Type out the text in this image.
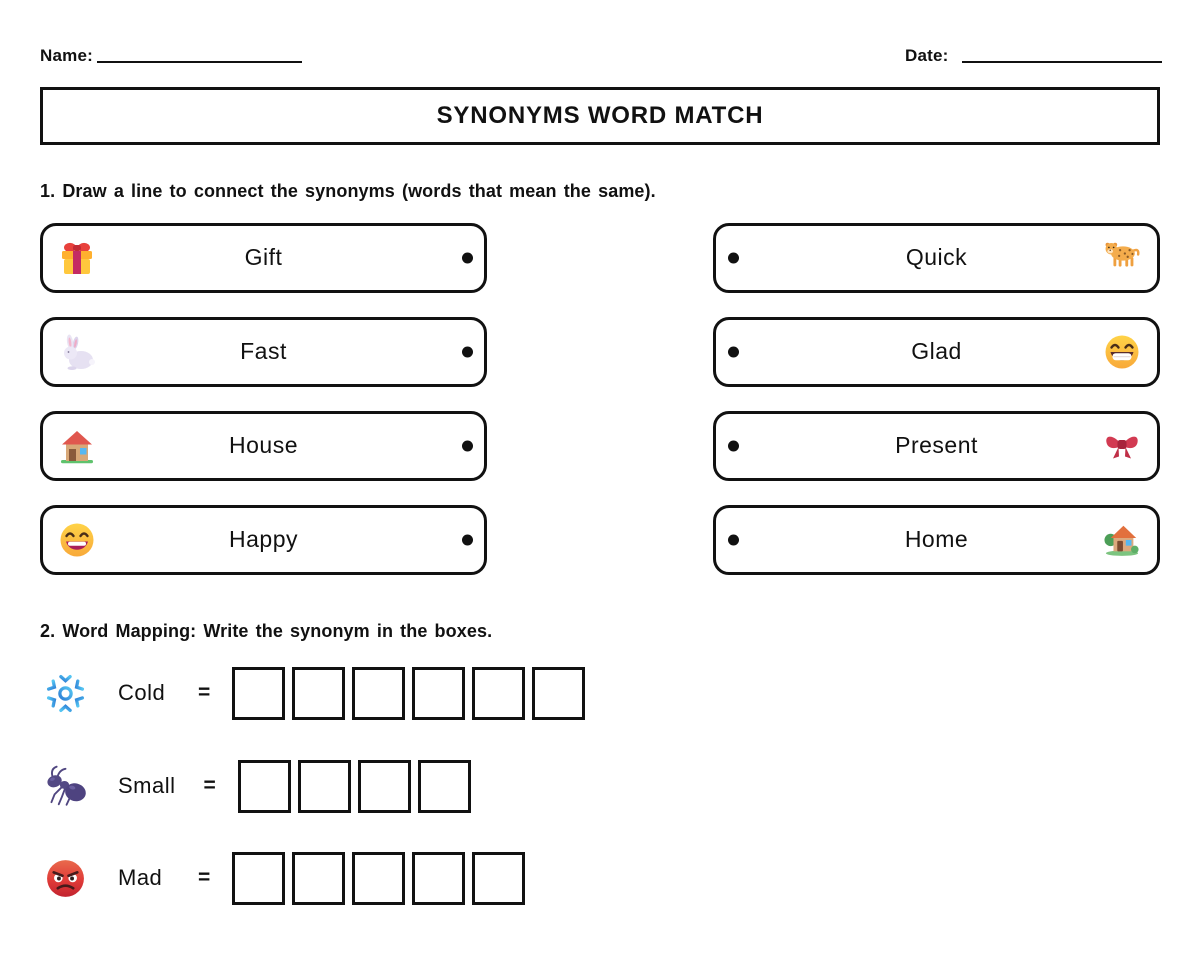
Name:	Date:
SYNONYMS WORD MATCH
1. Draw a line to connect the synonyms (words that mean the same).
Gift
Fast
House
Happy
Quick
Glad
Present
Home
2. Word Mapping: Write the synonym in the boxes.
Cold =
Small =
Mad	=
